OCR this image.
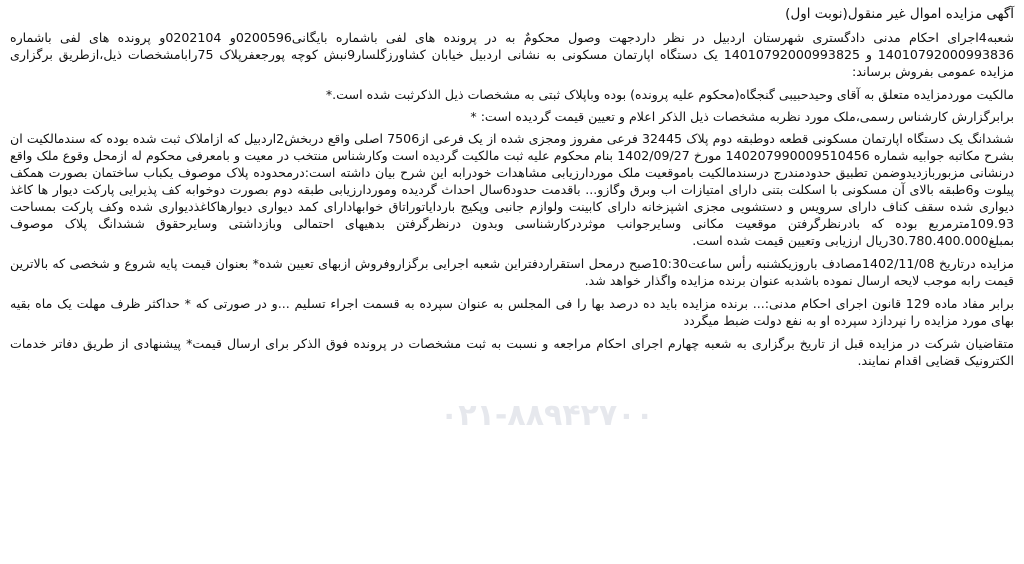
آگهی مزایده اموال غیر منقول(نوبت اول)

شعبه4اجرای احکام مدنی دادگستری شهرستان اردبیل در نظر داردجهت وصول محکومٌ به در پرونده های لفی باشماره بایگانی0200596و 0202104و پرونده های لفی باشماره 14010792000993836 و 14010792000993825 یک دستگاه اپارتمان مسکونی به نشانی اردبیل خیابان کشاورزگلسار9نبش کوچه پورجعفرپلاک 75رابامشخصات ذیل،ازطریق برگزاری مزایده عمومی بفروش برساند:

مالکیت موردمزایده متعلق به آقای وحیدحبیبی گنجگاه(محکوم علیه پرونده) بوده وباپلاک ثبتی به مشخصات ذیل الذکرثبت شده است.*

برابرگزارش کارشناس رسمی،ملک مورد نظربه مشخصات ذیل الذکر اعلام و تعیین قیمت گردیده است: *

ششدانگ یک دستگاه اپارتمان مسکونی قطعه دوطبقه دوم پلاک 32445 فرعی مفروز ومجزی شده از یک فرعی از7506 اصلی واقع دربخش2اردبیل که ازاملاک ثبت شده بوده که سندمالکیت ان بشرح مکاتبه جوابیه شماره 140207990009510456 مورخ 1402/09/27 بنام محکوم علیه ثبت مالکیت گردیده است وکارشناس منتخب در معیت و بامعرفی محکوم له ازمحل وقوع ملک واقع درنشانی مزبوربازدیدوضمن تطبیق حدودمندرج درسندمالکیت باموقعیت ملک موردارزیابی مشاهدات خودرابه این شرح بیان داشته است:درمحدوده پلاک موصوف یکباب ساختمان بصورت همکف پیلوت و6طبقه بالای آن مسکونی با اسکلت بتنی دارای امتیازات اب وبرق وگازو... باقدمت حدود6سال احداث گردیده وموردارزیابی طبقه دوم بصورت دوخوابه کف پذیرایی پارکت دیوار ها کاغذ دیواری شده سقف کناف دارای سرویس و دستشویی مجزی اشپزخانه دارای کابینت ولوازم جانبی وپکیج باردایاتوراتاق خوابهادارای کمد دیواری دیوارهاکاغذدیواری شده وکف پارکت بمساحت 109.93مترمربع بوده که بادرنظرگرفتن موقعیت مکانی وسایرجوانب موثردرکارشناسی وبدون درنظرگرفتن بدهیهای احتمالی وبازداشتی وسایرحقوق ششدانگ پلاک موصوف بمبلغ30.780.400.000ریال ارزیابی وتعیین قیمت شده است.

مزایده درتاریخ 1402/11/08مصادف باروزیکشنبه رأس ساعت10:30صبح درمحل استقراردفتراین شعبه اجرایی برگزاروفروش ازبهای تعیین شده* بعنوان قیمت پایه شروع و شخصی که بالاترین قیمت رابه موجب لایحه ارسال نموده باشدبه عنوان برنده مزایده واگذار خواهد شد.

برابر مفاد ماده 129 قانون اجرای احکام مدنی:... برنده مزایده باید ده درصد بها را فی المجلس به عنوان سپرده به قسمت اجراء تسلیم ...و در صورتی که * حداکثر ظرف مهلت یک ماه بقیه بهای مورد مزایده را نپردازد سپرده او به نفع دولت ضبط میگردد

متقاضیان شرکت در مزایده قبل از تاریخ برگزاری به شعبه چهارم اجرای احکام مراجعه و نسبت به ثبت مشخصات در پرونده فوق الذکر برای ارسال قیمت* پیشنهادی از طریق دفاتر خدمات الکترونیک قضایی اقدام نمایند.

۰۲۱-۸۸۹۴۲۷۰۰
